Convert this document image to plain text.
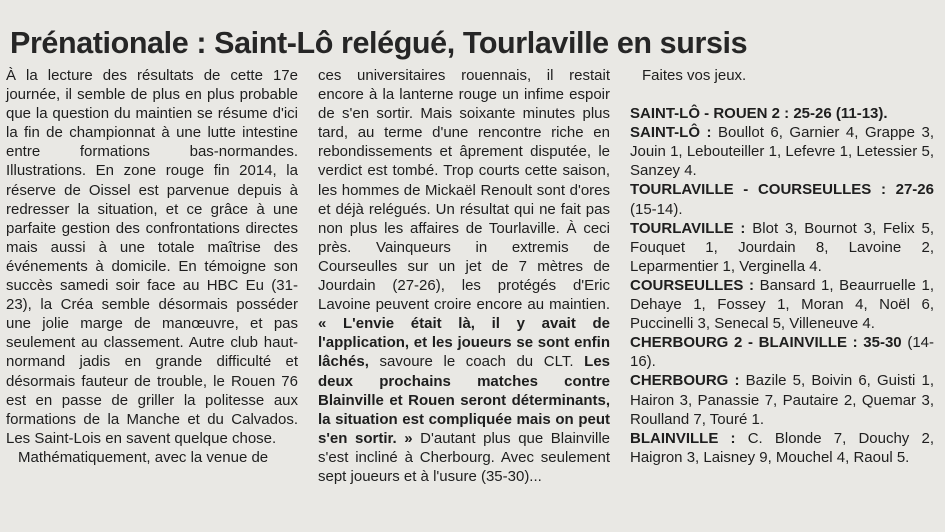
Prénationale : Saint-Lô relégué, Tourlaville en sursis

À la lecture des résultats de cette 17e journée, il semble de plus en plus probable que la question du maintien se résume d'ici la fin de championnat à une lutte intestine entre formations bas-normandes. Illustrations. En zone rouge fin 2014, la réserve de Oissel est parvenue depuis à redresser la situation, et ce grâce à une parfaite gestion des confrontations directes mais aussi à une totale maîtrise des événements à domicile. En témoigne son succès samedi soir face au HBC Eu (31-23), la Créa semble désormais posséder une jolie marge de manœuvre, et pas seulement au classement. Autre club haut-normand jadis en grande difficulté et désormais fauteur de trouble, le Rouen 76 est en passe de griller la politesse aux formations de la Manche et du Calvados. Les Saint-Lois en savent quelque chose.

Mathématiquement, avec la venue de

ces universitaires rouennais, il restait encore à la lanterne rouge un infime espoir de s'en sortir. Mais soixante minutes plus tard, au terme d'une rencontre riche en rebondissements et âprement disputée, le verdict est tombé. Trop courts cette saison, les hommes de Mickaël Renoult sont d'ores et déjà relégués. Un résultat qui ne fait pas non plus les affaires de Tourlaville. À ceci près. Vainqueurs in extremis de Courseulles sur un jet de 7 mètres de Jourdain (27-26), les protégés d'Eric Lavoine peuvent croire encore au maintien. « L'envie était là, il y avait de l'application, et les joueurs se sont enfin lâchés, savoure le coach du CLT. Les deux prochains matches contre Blainville et Rouen seront déterminants, la situation est compliquée mais on peut s'en sortir. » D'autant plus que Blainville s'est incliné à Cherbourg. Avec seulement sept joueurs et à l'usure (35-30)...

Faites vos jeux.

SAINT-LÔ - ROUEN 2 : 25-26 (11-13).

SAINT-LÔ : Boullot 6, Garnier 4, Grappe 3, Jouin 1, Lebouteiller 1, Lefevre 1, Letessier 5, Sanzey 4.

TOURLAVILLE - COURSEULLES : 27-26 (15-14).

TOURLAVILLE : Blot 3, Bournot 3, Felix 5, Fouquet 1, Jourdain 8, Lavoine 2, Leparmentier 1, Verginella 4.

COURSEULLES : Bansard 1, Beaurruelle 1, Dehaye 1, Fossey 1, Moran 4, Noël 6, Puccinelli 3, Senecal 5, Villeneuve 4.

CHERBOURG 2 - BLAINVILLE : 35-30 (14-16).

CHERBOURG : Bazile 5, Boivin 6, Guisti 1, Hairon 3, Panassie 7, Pautaire 2, Quemar 3, Roulland 7, Touré 1.

BLAINVILLE : C. Blonde 7, Douchy 2, Haigron 3, Laisney 9, Mouchel 4, Raoul 5.
